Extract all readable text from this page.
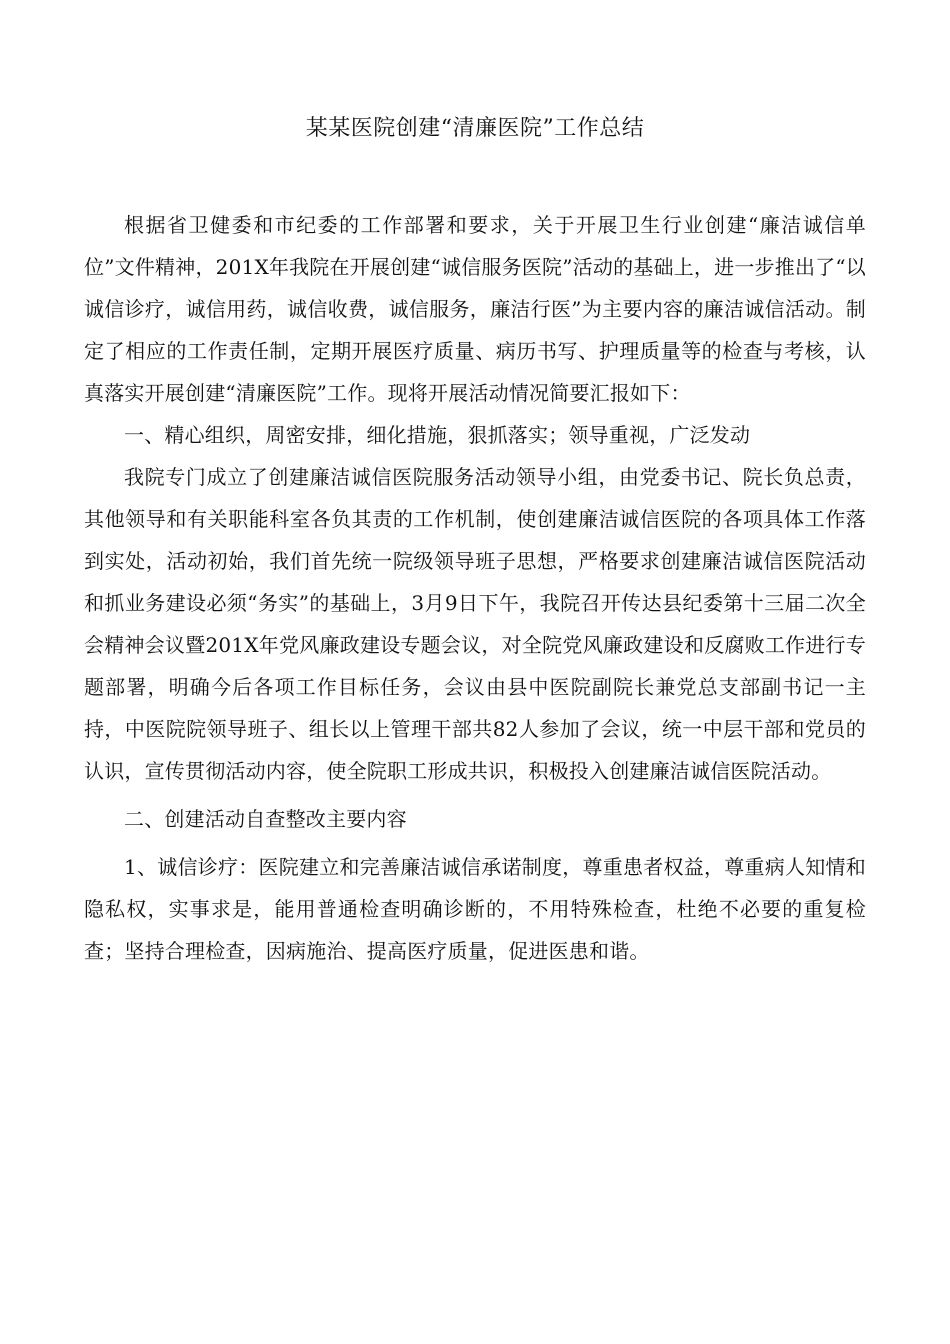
某某医院创建“清廉医院”工作总结

根据省卫健委和市纪委的工作部署和要求，关于开展卫生行业创建“廉洁诚信单位”文件精神，201X年我院在开展创建“诚信服务医院”活动的基础上，进一步推出了“以诚信诊疗，诚信用药，诚信收费，诚信服务，廉洁行医”为主要内容的廉洁诚信活动。制定了相应的工作责任制，定期开展医疗质量、病历书写、护理质量等的检查与考核，认真落实开展创建“清廉医院”工作。现将开展活动情况简要汇报如下：

一、精心组织，周密安排，细化措施，狠抓落实；领导重视，广泛发动

我院专门成立了创建廉洁诚信医院服务活动领导小组，由党委书记、院长负总责，其他领导和有关职能科室各负其责的工作机制，使创建廉洁诚信医院的各项具体工作落到实处，活动初始，我们首先统一院级领导班子思想，严格要求创建廉洁诚信医院活动和抓业务建设必须“务实”的基础上，3月9日下午，我院召开传达县纪委第十三届二次全会精神会议暨201X年党风廉政建设专题会议，对全院党风廉政建设和反腐败工作进行专题部署，明确今后各项工作目标任务，会议由县中医院副院长兼党总支部副书记一主持，中医院院领导班子、组长以上管理干部共82人参加了会议，统一中层干部和党员的认识，宣传贯彻活动内容，使全院职工形成共识，积极投入创建廉洁诚信医院活动。

二、创建活动自查整改主要内容

1、诚信诊疗：医院建立和完善廉洁诚信承诺制度，尊重患者权益，尊重病人知情和隐私权，实事求是，能用普通检查明确诊断的，不用特殊检查，杜绝不必要的重复检查；坚持合理检查，因病施治、提高医疗质量，促进医患和谐。
